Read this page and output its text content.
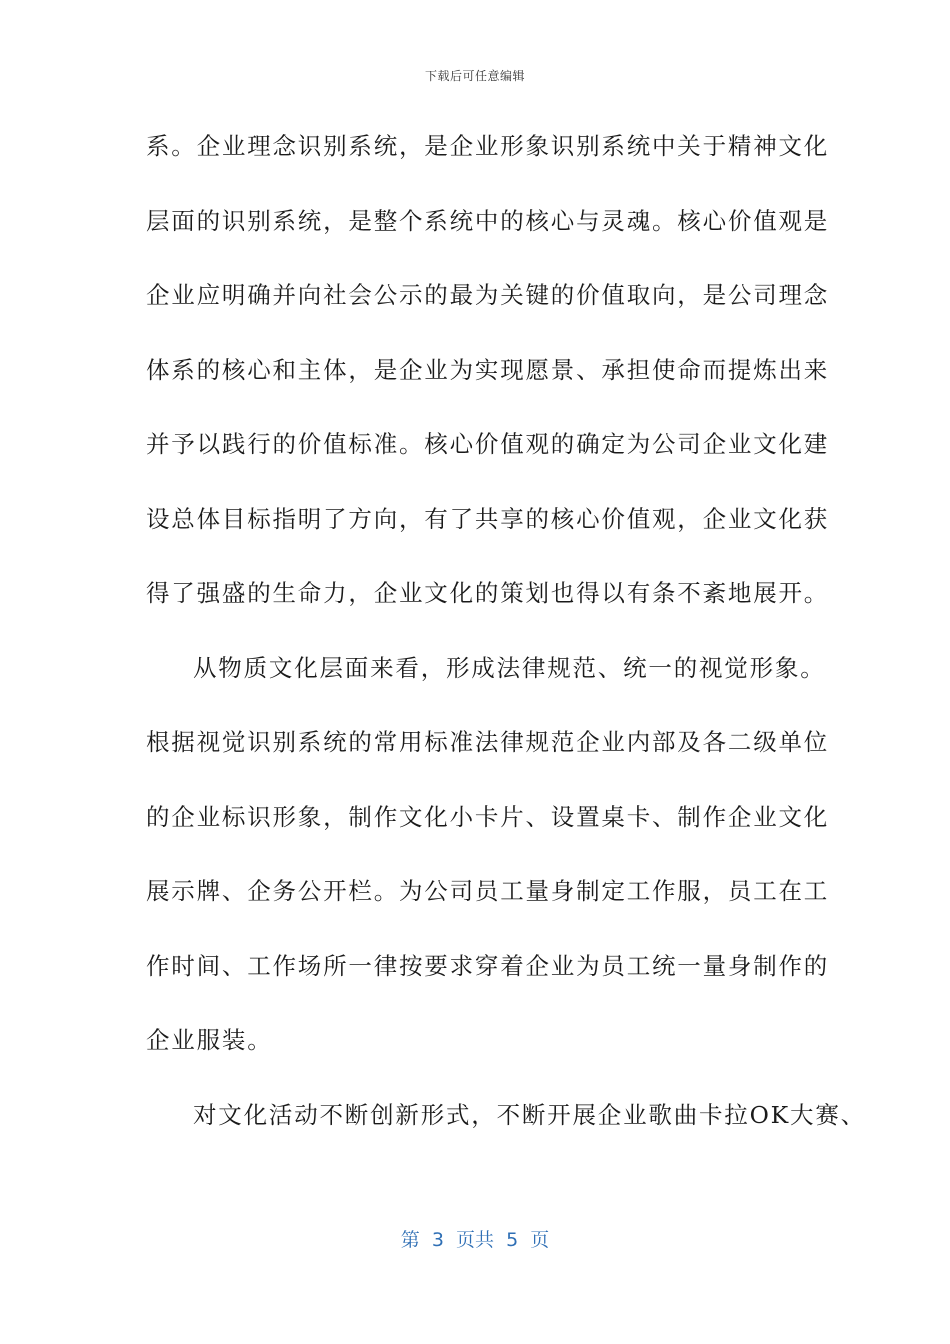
下载后可任意编辑
系。企业理念识别系统，是企业形象识别系统中关于精神文化
层面的识别系统，是整个系统中的核心与灵魂。核心价值观是
企业应明确并向社会公示的最为关键的价值取向，是公司理念
体系的核心和主体，是企业为实现愿景、承担使命而提炼出来
并予以践行的价值标准。核心价值观的确定为公司企业文化建
设总体目标指明了方向，有了共享的核心价值观，企业文化获
得了强盛的生命力，企业文化的策划也得以有条不紊地展开。
从物质文化层面来看，形成法律规范、统一的视觉形象。
根据视觉识别系统的常用标准法律规范企业内部及各二级单位
的企业标识形象，制作文化小卡片、设置桌卡、制作企业文化
展示牌、企务公开栏。为公司员工量身制定工作服，员工在工
作时间、工作场所一律按要求穿着企业为员工统一量身制作的
企业服装。
对文化活动不断创新形式，不断开展企业歌曲卡拉OK大赛、
第  3  页共  5  页
